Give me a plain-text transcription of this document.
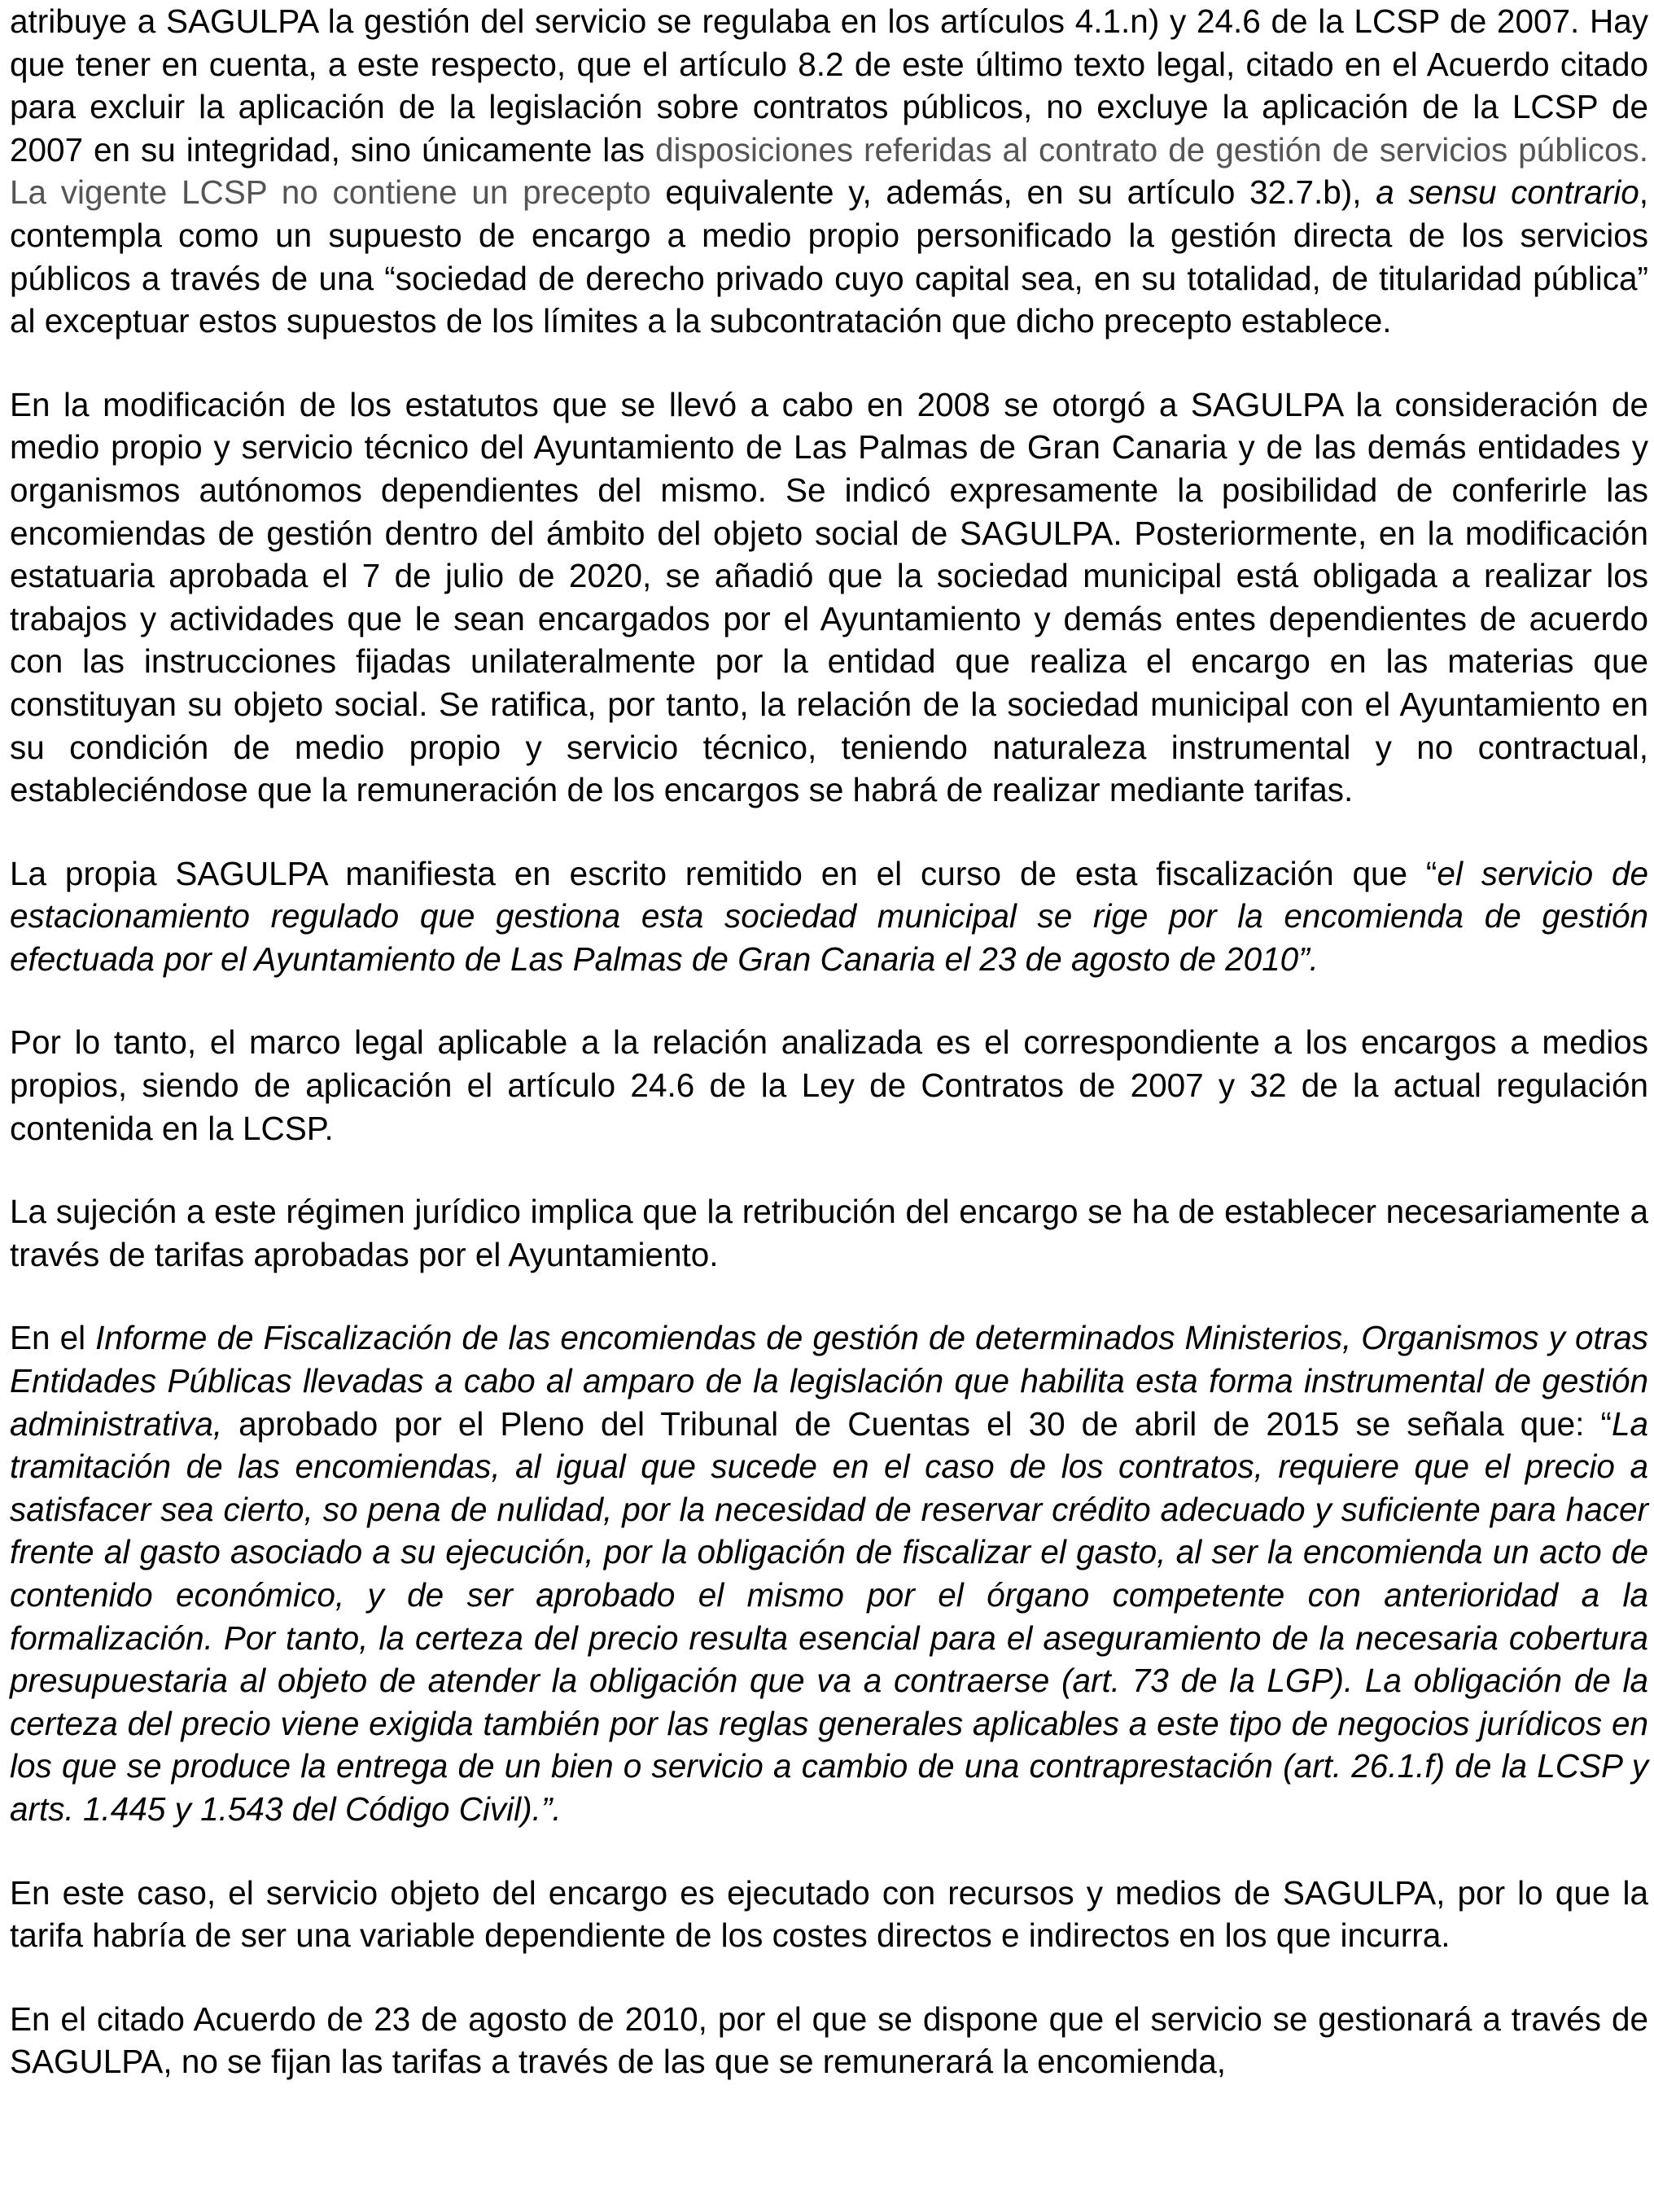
atribuye a SAGULPA la gestión del servicio se regulaba en los artículos 4.1.n) y 24.6 de la LCSP de 2007. Hay que tener en cuenta, a este respecto, que el artículo 8.2 de este último texto legal, citado en el Acuerdo citado para excluir la aplicación de la legislación sobre contratos públicos, no excluye la aplicación de la LCSP de 2007 en su integridad, sino únicamente las disposiciones referidas al contrato de gestión de servicios públicos. La vigente LCSP no contiene un precepto equivalente y, además, en su artículo 32.7.b), a sensu contrario, contempla como un supuesto de encargo a medio propio personificado la gestión directa de los servicios públicos a través de una “sociedad de derecho privado cuyo capital sea, en su totalidad, de titularidad pública” al exceptuar estos supuestos de los límites a la subcontratación que dicho precepto establece.

En la modificación de los estatutos que se llevó a cabo en 2008 se otorgó a SAGULPA la consideración de medio propio y servicio técnico del Ayuntamiento de Las Palmas de Gran Canaria y de las demás entidades y organismos autónomos dependientes del mismo. Se indicó expresamente la posibilidad de conferirle las encomiendas de gestión dentro del ámbito del objeto social de SAGULPA. Posteriormente, en la modificación estatuaria aprobada el 7 de julio de 2020, se añadió que la sociedad municipal está obligada a realizar los trabajos y actividades que le sean encargados por el Ayuntamiento y demás entes dependientes de acuerdo con las instrucciones fijadas unilateralmente por la entidad que realiza el encargo en las materias que constituyan su objeto social. Se ratifica, por tanto, la relación de la sociedad municipal con el Ayuntamiento en su condición de medio propio y servicio técnico, teniendo naturaleza instrumental y no contractual, estableciéndose que la remuneración de los encargos se habrá de realizar mediante tarifas.

La propia SAGULPA manifiesta en escrito remitido en el curso de esta fiscalización que “el servicio de estacionamiento regulado que gestiona esta sociedad municipal se rige por la encomienda de gestión efectuada por el Ayuntamiento de Las Palmas de Gran Canaria el 23 de agosto de 2010”.

Por lo tanto, el marco legal aplicable a la relación analizada es el correspondiente a los encargos a medios propios, siendo de aplicación el artículo 24.6 de la Ley de Contratos de 2007 y 32 de la actual regulación contenida en la LCSP.

La sujeción a este régimen jurídico implica que la retribución del encargo se ha de establecer necesariamente a través de tarifas aprobadas por el Ayuntamiento.

En el Informe de Fiscalización de las encomiendas de gestión de determinados Ministerios, Organismos y otras Entidades Públicas llevadas a cabo al amparo de la legislación que habilita esta forma instrumental de gestión administrativa, aprobado por el Pleno del Tribunal de Cuentas el 30 de abril de 2015 se señala que: “La tramitación de las encomiendas, al igual que sucede en el caso de los contratos, requiere que el precio a satisfacer sea cierto, so pena de nulidad, por la necesidad de reservar crédito adecuado y suficiente para hacer frente al gasto asociado a su ejecución, por la obligación de fiscalizar el gasto, al ser la encomienda un acto de contenido económico, y de ser aprobado el mismo por el órgano competente con anterioridad a la formalización. Por tanto, la certeza del precio resulta esencial para el aseguramiento de la necesaria cobertura presupuestaria al objeto de atender la obligación que va a contraerse (art. 73 de la LGP). La obligación de la certeza del precio viene exigida también por las reglas generales aplicables a este tipo de negocios jurídicos en los que se produce la entrega de un bien o servicio a cambio de una contraprestación (art. 26.1.f) de la LCSP y arts. 1.445 y 1.543 del Código Civil).”.

En este caso, el servicio objeto del encargo es ejecutado con recursos y medios de SAGULPA, por lo que la tarifa habría de ser una variable dependiente de los costes directos e indirectos en los que incurra.

En el citado Acuerdo de 23 de agosto de 2010, por el que se dispone que el servicio se gestionará a través de SAGULPA, no se fijan las tarifas a través de las que se remunerará la encomienda,
